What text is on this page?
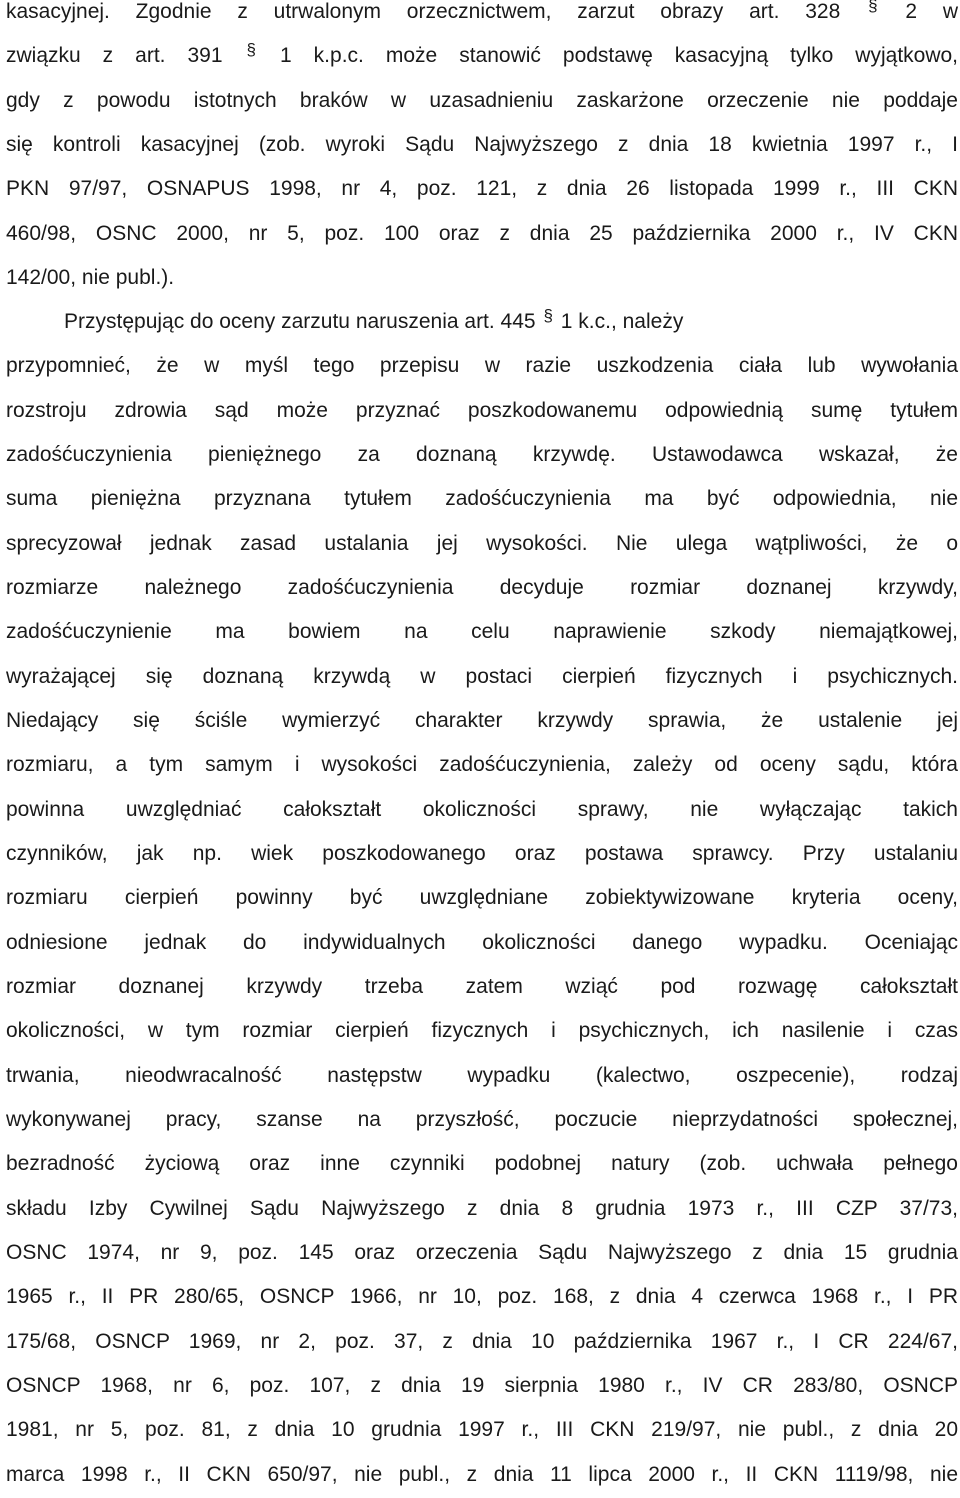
kasacyjnej. Zgodnie z utrwalonym orzecznictwem, zarzut obrazy art. 328 § 2 w
związku z art. 391 § 1 k.p.c. może stanowić podstawę kasacyjną tylko wyjątkowo,
gdy z powodu istotnych braków w uzasadnieniu zaskarżone orzeczenie nie poddaje
się kontroli kasacyjnej (zob. wyroki Sądu Najwyższego z dnia 18 kwietnia 1997 r., I
PKN 97/97, OSNAPUS 1998, nr 4, poz. 121, z dnia 26 listopada 1999 r., III CKN
460/98, OSNC 2000, nr 5, poz. 100 oraz z dnia 25 października 2000 r., IV CKN
142/00, nie publ.).
Przystępując do oceny zarzutu naruszenia art. 445 § 1 k.c., należy
przypomnieć, że w myśl tego przepisu w razie uszkodzenia ciała lub wywołania
rozstroju zdrowia sąd może przyznać poszkodowanemu odpowiednią sumę tytułem
zadośćuczynienia pieniężnego za doznaną krzywdę. Ustawodawca wskazał, że
suma pieniężna przyznana tytułem zadośćuczynienia ma być odpowiednia, nie
sprecyzował jednak zasad ustalania jej wysokości. Nie ulega wątpliwości, że o
rozmiarze należnego zadośćuczynienia decyduje rozmiar doznanej krzywdy,
zadośćuczynienie ma bowiem na celu naprawienie szkody niemajątkowej,
wyrażającej się doznaną krzywdą w postaci cierpień fizycznych i psychicznych.
Niedający się ściśle wymierzyć charakter krzywdy sprawia, że ustalenie jej
rozmiaru, a tym samym i wysokości zadośćuczynienia, zależy od oceny sądu, która
powinna uwzględniać całokształt okoliczności sprawy, nie wyłączając takich
czynników, jak np. wiek poszkodowanego oraz postawa sprawcy. Przy ustalaniu
rozmiaru cierpień powinny być uwzględniane zobiektywizowane kryteria oceny,
odniesione jednak do indywidualnych okoliczności danego wypadku. Oceniając
rozmiar doznanej krzywdy trzeba zatem wziąć pod rozwagę całokształt
okoliczności, w tym rozmiar cierpień fizycznych i psychicznych, ich nasilenie i czas
trwania, nieodwracalność następstw wypadku (kalectwo, oszpecenie), rodzaj
wykonywanej pracy, szanse na przyszłość, poczucie nieprzydatności społecznej,
bezradność życiową oraz inne czynniki podobnej natury (zob. uchwała pełnego
składu Izby Cywilnej Sądu Najwyższego z dnia 8 grudnia 1973 r., III CZP 37/73,
OSNC 1974, nr 9, poz. 145 oraz orzeczenia Sądu Najwyższego z dnia 15 grudnia
1965 r., II PR 280/65, OSNCP 1966, nr 10, poz. 168, z dnia 4 czerwca 1968 r., I PR
175/68, OSNCP 1969, nr 2, poz. 37, z dnia 10 października 1967 r., I CR 224/67,
OSNCP 1968, nr 6, poz. 107, z dnia 19 sierpnia 1980 r., IV CR 283/80, OSNCP
1981, nr 5, poz. 81, z dnia 10 grudnia 1997 r., III CKN 219/97, nie publ., z dnia 20
marca 1998 r., II CKN 650/97, nie publ., z dnia 11 lipca 2000 r., II CKN 1119/98, nie
